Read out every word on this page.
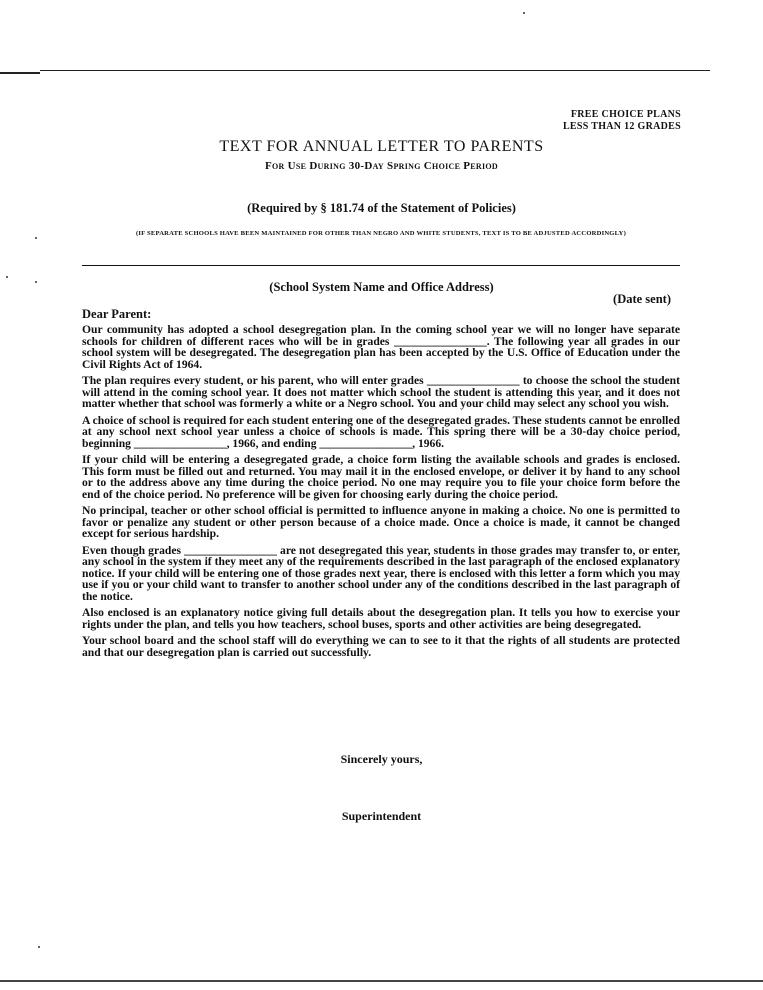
FREE CHOICE PLANS
LESS THAN 12 GRADES
TEXT FOR ANNUAL LETTER TO PARENTS
For Use During 30-Day Spring Choice Period
(Required by § 181.74 of the Statement of Policies)
(IF SEPARATE SCHOOLS HAVE BEEN MAINTAINED FOR OTHER THAN NEGRO AND WHITE STUDENTS, TEXT IS TO BE ADJUSTED ACCORDINGLY)
(School System Name and Office Address)
(Date sent)
Dear Parent:

Our community has adopted a school desegregation plan. In the coming school year we will no longer have separate schools for children of different races who will be in grades ________________. The following year all grades in our school system will be desegregated. The desegregation plan has been accepted by the U.S. Office of Education under the Civil Rights Act of 1964.

The plan requires every student, or his parent, who will enter grades ________________ to choose the school the student will attend in the coming school year. It does not matter which school the student is attending this year, and it does not matter whether that school was formerly a white or a Negro school. You and your child may select any school you wish.

A choice of school is required for each student entering one of the desegregated grades. These students cannot be enrolled at any school next school year unless a choice of schools is made. This spring there will be a 30-day choice period, beginning ________________, 1966, and ending ________________, 1966.

If your child will be entering a desegregated grade, a choice form listing the available schools and grades is enclosed. This form must be filled out and returned. You may mail it in the enclosed envelope, or deliver it by hand to any school or to the address above any time during the choice period. No one may require you to file your choice form before the end of the choice period. No preference will be given for choosing early during the choice period.

No principal, teacher or other school official is permitted to influence anyone in making a choice. No one is permitted to favor or penalize any student or other person because of a choice made. Once a choice is made, it cannot be changed except for serious hardship.

Even though grades ________________ are not desegregated this year, students in those grades may transfer to, or enter, any school in the system if they meet any of the requirements described in the last paragraph of the enclosed explanatory notice. If your child will be entering one of those grades next year, there is enclosed with this letter a form which you may use if you or your child want to transfer to another school under any of the conditions described in the last paragraph of the notice.

Also enclosed is an explanatory notice giving full details about the desegregation plan. It tells you how to exercise your rights under the plan, and tells you how teachers, school buses, sports and other activities are being desegregated.

Your school board and the school staff will do everything we can to see to it that the rights of all students are protected and that our desegregation plan is carried out successfully.

Sincerely yours,
Superintendent
